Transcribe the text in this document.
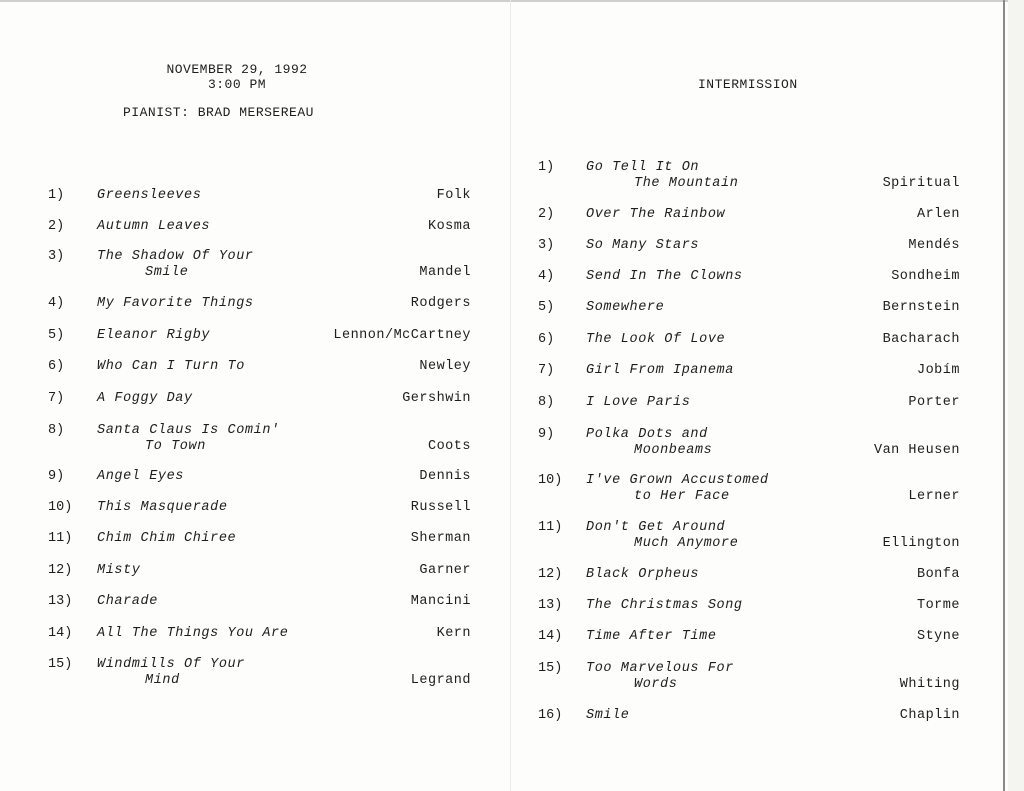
NOVEMBER 29, 1992
3:00 PM
PIANIST: BRAD MERSEREAU
INTERMISSION
1) Greensleeves	Folk
2) Autumn Leaves	Kosma
3) The Shadow Of Your
Smile	Mandel
4) My Favorite Things	Rodgers
5) Eleanor Rigby	Lennon/McCartney
6) Who Can I Turn To	Newley
7) A Foggy Day	Gershwin
8) Santa Claus Is Comin'
To Town	Coots
9) Angel Eyes	Dennis
10) This Masquerade	Russell
11) Chim Chim Chiree	Sherman
12) Misty	Garner
13) Charade	Mancini
14) All The Things You Are	Kern
15) Windmills Of Your
Mind	Legrand
1) Go Tell It On
The Mountain	Spiritual
2) Over The Rainbow	Arlen
3) So Many Stars	Mendés
4) Send In The Clowns	Sondheim
5) Somewhere	Bernstein
6) The Look Of Love	Bacharach
7) Girl From Ipanema	Jobím
8) I Love Paris	Porter
9) Polka Dots and
Moonbeams	Van Heusen
10) I've Grown Accustomed
to Her Face	Lerner
11) Don't Get Around
Much Anymore	Ellington
12) Black Orpheus	Bonfa
13) The Christmas Song	Torme
14) Time After Time	Styne
15) Too Marvelous For
Words	Whiting
16) Smile	Chaplin
